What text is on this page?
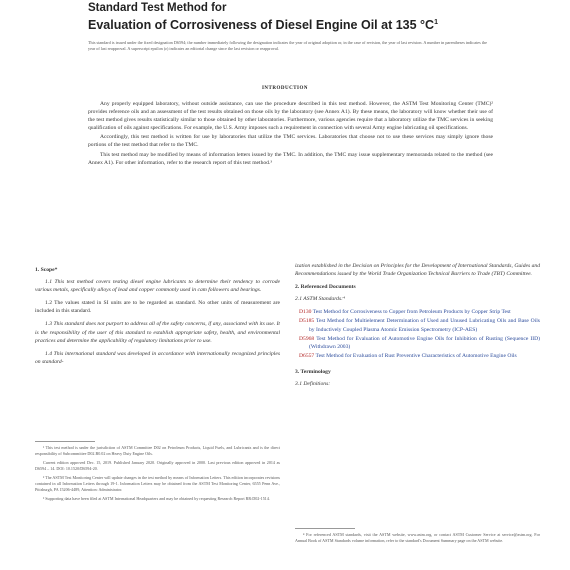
Standard Test Method for
Evaluation of Corrosiveness of Diesel Engine Oil at 135 $^\circ C^1$
This standard is issued under the fixed designation D6594; the number immediately following the designation indicates the year of original adoption or, in the case of revision, the year of last revision. A number in parentheses indicates the year of last reapproval. A superscript epsilon (ε) indicates an editorial change since the last revision or reapproval.
INTRODUCTION

Any properly equipped laboratory, without outside assistance, can use the procedure described in this test method. However, the ASTM Test Monitoring Center (TMC)² provides reference oils and an assessment of the test results obtained on those oils by the laboratory (see Annex A1). By these means, the laboratory will know whether their use of the test method gives results statistically similar to those obtained by other laboratories. Furthermore, various agencies require that a laboratory utilize the TMC services in seeking qualification of oils against specifications. For example, the U.S. Army imposes such a requirement in connection with several Army engine lubricating oil specifications.

Accordingly, this test method is written for use by laboratories that utilize the TMC services. Laboratories that choose not to use these services may simply ignore those portions of the test method that refer to the TMC.

This test method may be modified by means of information letters issued by the TMC. In addition, the TMC may issue supplementary memoranda related to the method (see Annex A1). For other information, refer to the research report of this test method.³

1. Scope*

1.1 This test method covers testing diesel engine lubricants to determine their tendency to corrode various metals, specifically alloys of lead and copper commonly used in cam followers and bearings.

1.2 The values stated in SI units are to be regarded as standard. No other units of measurement are included in this standard.

1.3 This standard does not purport to address all of the safety concerns, if any, associated with its use. It is the responsibility of the user of this standard to establish appropriate safety, health, and environmental practices and determine the applicability of regulatory limitations prior to use.

1.4 This international standard was developed in accordance with internationally recognized principles on standard-

¹ This test method is under the jurisdiction of ASTM Committee D02 on Petroleum Products, Liquid Fuels, and Lubricants and is the direct responsibility of Subcommittee D02.B0.02 on Heavy Duty Engine Oils.

Current edition approved Dec. 15, 2019. Published January 2020. Originally approved in 2000. Last previous edition approved in 2014 as D6594 – 14. DOI: 10.1520/D6594-20.

² The ASTM Test Monitoring Center will update changes in the test method by means of Information Letters. This edition incorporates revisions contained in all Information Letters through 19-1. Information Letters may be obtained from the ASTM Test Monitoring Center, 6555 Penn Ave., Pittsburgh, PA 15206-4489, Attention: Administrator.

³ Supporting data have been filed at ASTM International Headquarters and may be obtained by requesting Research Report RR:D02-1514.

ization established in the Decision on Principles for the Development of International Standards, Guides and Recommendations issued by the World Trade Organization Technical Barriers to Trade (TBT) Committee.

2. Referenced Documents

2.1 ASTM Standards:⁴

D130 Test Method for Corrosiveness to Copper from Petroleum Products by Copper Strip Test
D5185 Test Method for Multielement Determination of Used and Unused Lubricating Oils and Base Oils by Inductively Coupled Plasma Atomic Emission Spectrometry (ICP-AES)
D5968 Test Method for Evaluation of Automotive Engine Oils for Inhibition of Rusting (Sequence IID) (Withdrawn 2003)
D6557 Test Method for Evaluation of Rust Preventive Characteristics of Automotive Engine Oils
3. Terminology

3.1 Definitions:

⁴ For referenced ASTM standards, visit the ASTM website, www.astm.org, or contact ASTM Customer Service at service@astm.org. For Annual Book of ASTM Standards volume information, refer to the standard's Document Summary page on the ASTM website.
